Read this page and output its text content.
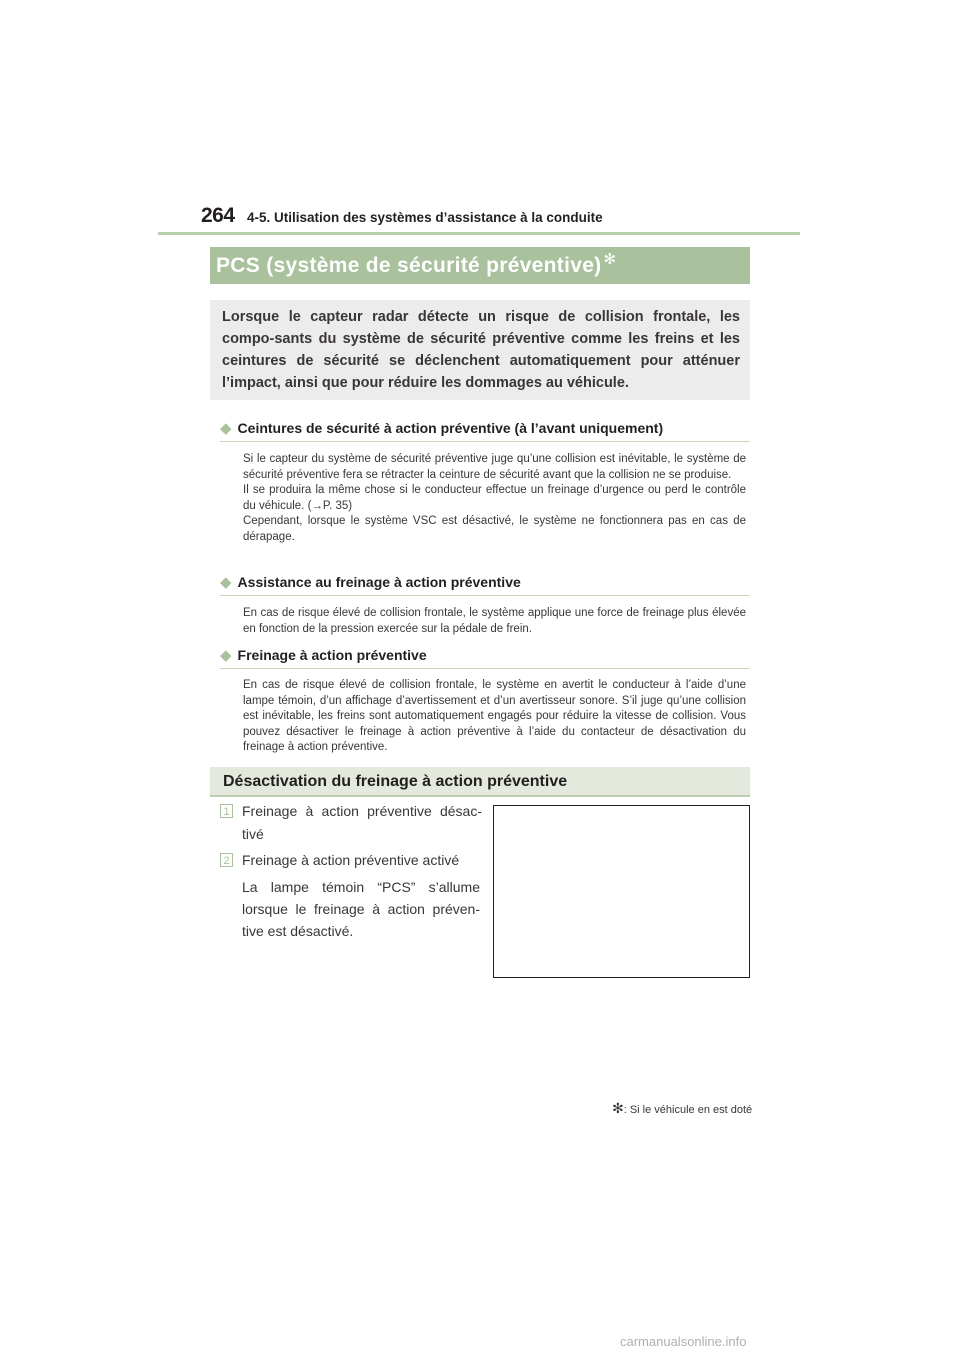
264 4-5. Utilisation des systèmes d’assistance à la conduite
PCS (système de sécurité préventive) ✻
Lorsque le capteur radar détecte un risque de collision frontale, les compo-sants du système de sécurité préventive comme les freins et les ceintures de sécurité se déclenchent automatiquement pour atténuer l’impact, ainsi que pour réduire les dommages au véhicule.
◆ Ceintures de sécurité à action préventive (à l’avant uniquement)
Si le capteur du système de sécurité préventive juge qu’une collision est inévitable, le système de sécurité préventive fera se rétracter la ceinture de sécurité avant que la collision ne se produise.
Il se produira la même chose si le conducteur effectue un freinage d’urgence ou perd le contrôle du véhicule. (→P. 35)
Cependant, lorsque le système VSC est désactivé, le système ne fonctionnera pas en cas de dérapage.
◆ Assistance au freinage à action préventive
En cas de risque élevé de collision frontale, le système applique une force de freinage plus élevée en fonction de la pression exercée sur la pédale de frein.
◆ Freinage à action préventive
En cas de risque élevé de collision frontale, le système en avertit le conducteur à l’aide d’une lampe témoin, d’un affichage d’avertissement et d’un avertisseur sonore. S’il juge qu’une collision est inévitable, les freins sont automatiquement engagés pour réduire la vitesse de collision. Vous pouvez désactiver le freinage à action préventive à l’aide du contacteur de désactivation du freinage à action préventive.
Désactivation du freinage à action préventive
1 Freinage à action préventive désac-tivé
2 Freinage à action préventive activé
La lampe témoin “PCS” s’allume lorsque le freinage à action préven-tive est désactivé.
✻: Si le véhicule en est doté
carmanualsonline.info
